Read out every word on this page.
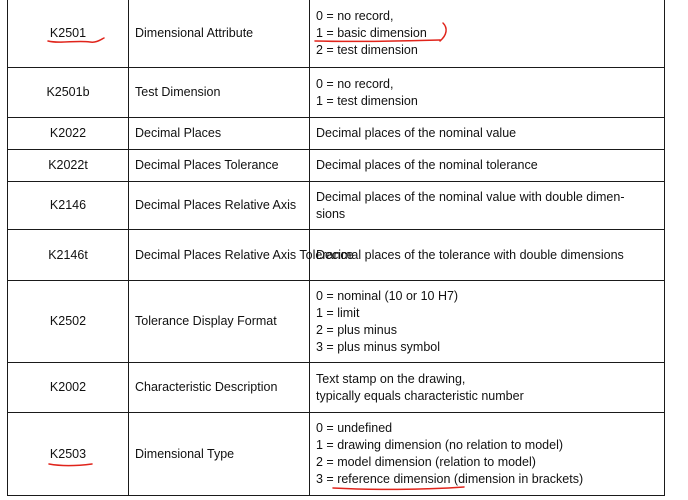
K2501	Dimensional Attribute	0 = no record,
1 = basic dimension
2 = test dimension

K2501b	Test Dimension	0 = no record,
1 = test dimension

K2022	Decimal Places	Decimal places of the nominal value

K2022t	Decimal Places Tolerance	Decimal places of the nominal tolerance

K2146	Decimal Places Relative Axis	Decimal places of the nominal value with double dimen-
sions

K2146t	Decimal Places Relative Axis Tolerance	Decimal places of the tolerance with double dimensions

K2502	Tolerance Display Format	0 = nominal (10 or 10 H7)
1 = limit
2 = plus minus
3 = plus minus symbol

K2002	Characteristic Description	Text stamp on the drawing,
typically equals characteristic number

K2503	Dimensional Type	0 = undefined
1 = drawing dimension (no relation to model)
2 = model dimension (relation to model)
3 = reference dimension (dimension in brackets)
